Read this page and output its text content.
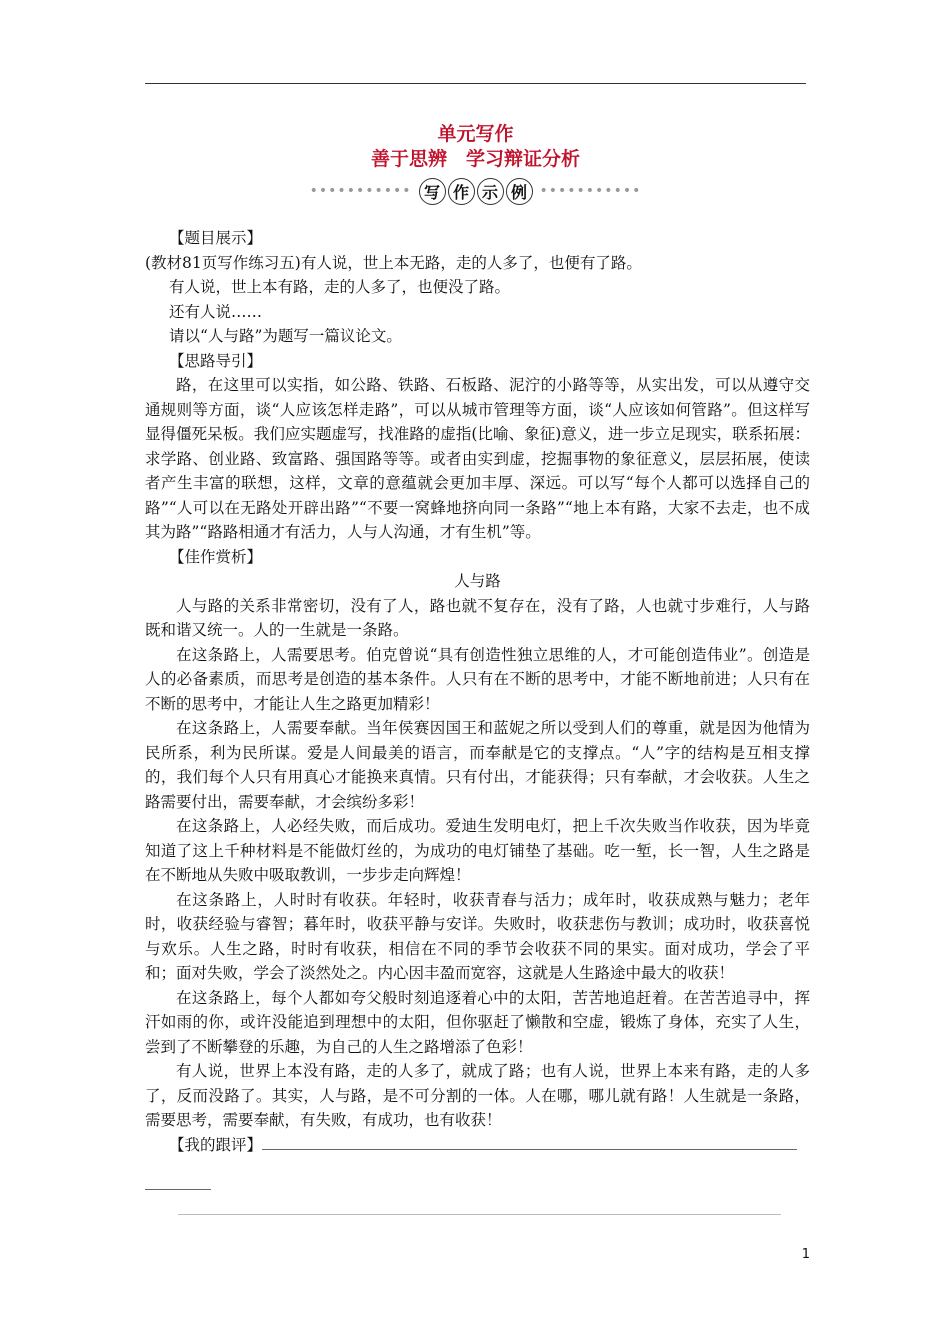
单元写作
善于思辨　学习辩证分析
••••••••••• 写 作 示 例 •••••••••••

【题目展示】

(教材81页写作练习五)有人说，世上本无路，走的人多了，也便有了路。

有人说，世上本有路，走的人多了，也便没了路。

还有人说……

请以“人与路”为题写一篇议论文。

【思路导引】

路，在这里可以实指，如公路、铁路、石板路、泥泞的小路等等，从实出发，可以从遵守交通规则等方面，谈“人应该怎样走路”，可以从城市管理等方面，谈“人应该如何管路”。但这样写显得僵死呆板。我们应实题虚写，找准路的虚指(比喻、象征)意义，进一步立足现实，联系拓展：求学路、创业路、致富路、强国路等等。或者由实到虚，挖掘事物的象征意义，层层拓展，使读者产生丰富的联想，这样，文章的意蕴就会更加丰厚、深远。可以写“每个人都可以选择自己的路”“人可以在无路处开辟出路”“不要一窝蜂地挤向同一条路”“地上本有路，大家不去走，也不成其为路”“路路相通才有活力，人与人沟通，才有生机”等。

【佳作赏析】

人与路

人与路的关系非常密切，没有了人，路也就不复存在，没有了路，人也就寸步难行，人与路既和谐又统一。人的一生就是一条路。

在这条路上，人需要思考。伯克曾说“具有创造性独立思维的人，才可能创造伟业”。创造是人的必备素质，而思考是创造的基本条件。人只有在不断的思考中，才能不断地前进；人只有在不断的思考中，才能让人生之路更加精彩！

在这条路上，人需要奉献。当年侯赛因国王和蓝妮之所以受到人们的尊重，就是因为他情为民所系，利为民所谋。爱是人间最美的语言，而奉献是它的支撑点。“人”字的结构是互相支撑的，我们每个人只有用真心才能换来真情。只有付出，才能获得；只有奉献，才会收获。人生之路需要付出，需要奉献，才会缤纷多彩！

在这条路上，人必经失败，而后成功。爱迪生发明电灯，把上千次失败当作收获，因为毕竟知道了这上千种材料是不能做灯丝的，为成功的电灯铺垫了基础。吃一堑，长一智，人生之路是在不断地从失败中吸取教训，一步步走向辉煌！

在这条路上，人时时有收获。年轻时，收获青春与活力；成年时，收获成熟与魅力；老年时，收获经验与睿智；暮年时，收获平静与安详。失败时，收获悲伤与教训；成功时，收获喜悦与欢乐。人生之路，时时有收获，相信在不同的季节会收获不同的果实。面对成功，学会了平和；面对失败，学会了淡然处之。内心因丰盈而宽容，这就是人生路途中最大的收获！

在这条路上，每个人都如夸父般时刻追逐着心中的太阳，苦苦地追赶着。在苦苦追寻中，挥汗如雨的你，或许没能追到理想中的太阳，但你驱赶了懒散和空虚，锻炼了身体，充实了人生，尝到了不断攀登的乐趣，为自己的人生之路增添了色彩！

有人说，世界上本没有路，走的人多了，就成了路；也有人说，世界上本来有路，走的人多了，反而没路了。其实，人与路，是不可分割的一体。人在哪，哪儿就有路！人生就是一条路，需要思考，需要奉献，有失败，有成功，也有收获！

【我的跟评】

1
